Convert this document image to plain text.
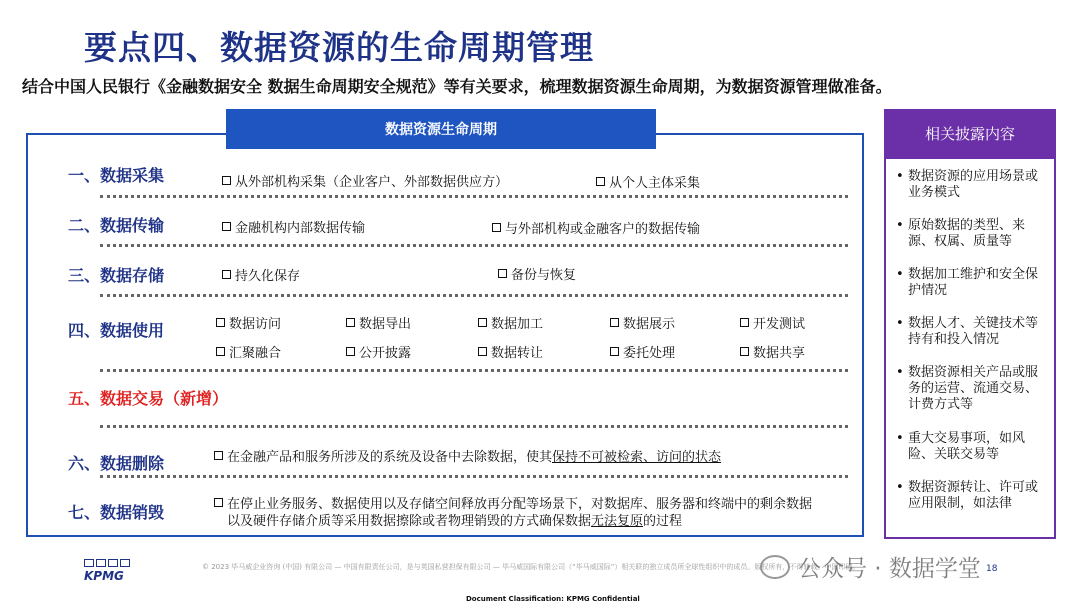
要点四、数据资源的生命周期管理
结合中国人民银行《金融数据安全 数据生命周期安全规范》等有关要求，梳理数据资源生命周期，为数据资源管理做准备。
数据资源生命周期
一、数据采集	从外部机构采集（企业客户、外部数据供应方）	从个人主体采集
二、数据传输	金融机构内部数据传输	与外部机构或金融客户的数据传输
三、数据存储	持久化保存	备份与恢复
四、数据使用	数据访问	数据导出	数据加工	数据展示	开发测试
汇聚融合	公开披露	数据转让	委托处理	数据共享
五、数据交易（新增）
六、数据删除	在金融产品和服务所涉及的系统及设备中去除数据，使其 保持不可被检索、访问的状态
七、数据销毁	在停止业务服务、数据使用以及存储空间释放再分配等场景下，对数据库、服务器和终端中的剩余数据
以及硬件存储介质等采用数据擦除或者物理销毁的方式确保数据 无法复原 的过程
相关披露内容
• 数据资源的应用场景或业务模式
• 原始数据的类型、来源、权属、质量等
• 数据加工维护和安全保护情况
• 数据人才、关键技术等持有和投入情况
• 数据资源相关产品或服务的运营、流通交易、计费方式等
• 重大交易事项，如风险、关联交易等
• 数据资源转让、许可或应用限制，如法律
KPMG
© 2023 毕马威企业咨询 (中国) 有限公司 — 中国有限责任公司，是与英国私营担保有限公司 — 毕马威国际有限公司（“毕马威国际”）相关联的独立成员所全球性组织中的成员。版权所有，不得转载。中国印刷。
公众号 · 数据学堂 18
Document Classification: KPMG Confidential
